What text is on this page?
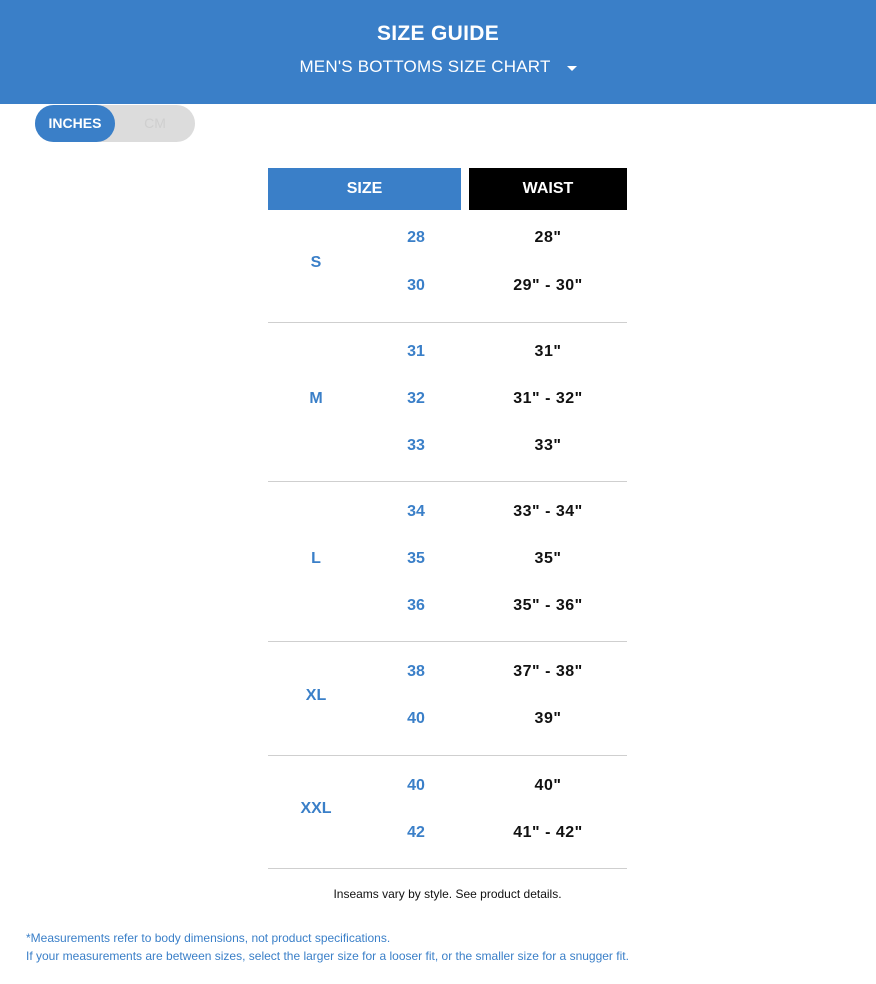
SIZE GUIDE
MEN'S BOTTOMS SIZE CHART
INCHES	CM
SIZE	WAIST
S
28	28"
30	29" - 30"
M
31	31"
32	31" - 32"
33	33"
L
34	33" - 34"
35	35"
36	35" - 36"
XL
38	37" - 38"
40	39"
XXL
40	40"
42	41" - 42"
Inseams vary by style. See product details.
*Measurements refer to body dimensions, not product specifications.
If your measurements are between sizes, select the larger size for a looser fit, or the smaller size for a snugger fit.
